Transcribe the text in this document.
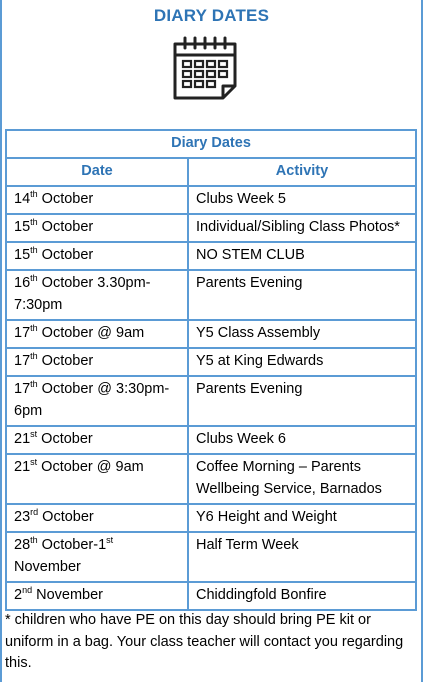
DIARY DATES
Diary Dates	
Date	Activity
14th October	Clubs Week 5
15th October	Individual/Sibling Class Photos*
15th October	NO STEM CLUB
16th October 3.30pm-7:30pm	Parents Evening
17th October @ 9am	Y5 Class Assembly
17th October	Y5 at King Edwards
17th October @ 3:30pm-6pm	Parents Evening
21st October	Clubs Week 6
21st October @ 9am	Coffee Morning – Parents Wellbeing Service, Barnados
23rd October	Y6 Height and Weight
28th October-1st November	Half Term Week
2nd November	Chiddingfold Bonfire
* children who have PE on this day should bring PE kit or uniform in a bag. Your class teacher will contact you regarding this.
